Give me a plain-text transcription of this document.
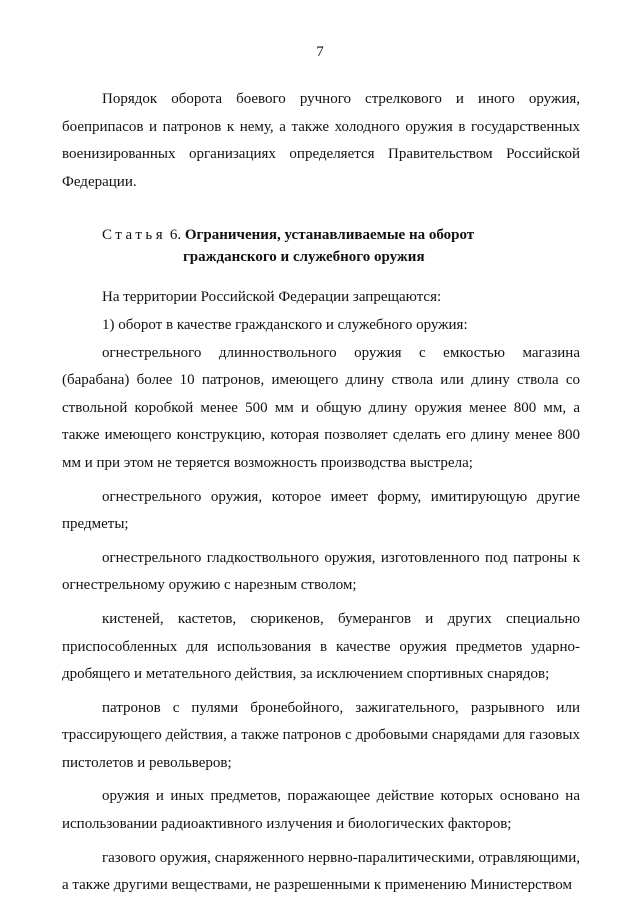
7

Порядок оборота боевого ручного стрелкового и иного оружия, боеприпасов и патронов к нему, а также холодного оружия в государственных военизированных организациях определяется Правительством Российской Федерации.

Статья 6. Ограничения, устанавливаемые на оборот
гражданского и служебного оружия

На территории Российской Федерации запрещаются:

1) оборот в качестве гражданского и служебного оружия:

огнестрельного длинноствольного оружия с емкостью магазина (барабана) более 10 патронов, имеющего длину ствола или длину ствола со ствольной коробкой менее 500 мм и общую длину оружия менее 800 мм, а также имеющего конструкцию, которая позволяет сделать его длину менее 800 мм и при этом не теряется возможность производства выстрела;

огнестрельного оружия, которое имеет форму, имитирующую другие предметы;

огнестрельного гладкоствольного оружия, изготовленного под патроны к огнестрельному оружию с нарезным стволом;

кистеней, кастетов, сюрикенов, бумерангов и других специально приспособленных для использования в качестве оружия предметов ударно-дробящего и метательного действия, за исключением спортивных снарядов;

патронов с пулями бронебойного, зажигательного, разрывного или трассирующего действия, а также патронов с дробовыми снарядами для газовых пистолетов и револьверов;

оружия и иных предметов, поражающее действие которых основано на использовании радиоактивного излучения и биологических факторов;

газового оружия, снаряженного нервно-паралитическими, отравляющими, а также другими веществами, не разрешенными к применению Министерством
